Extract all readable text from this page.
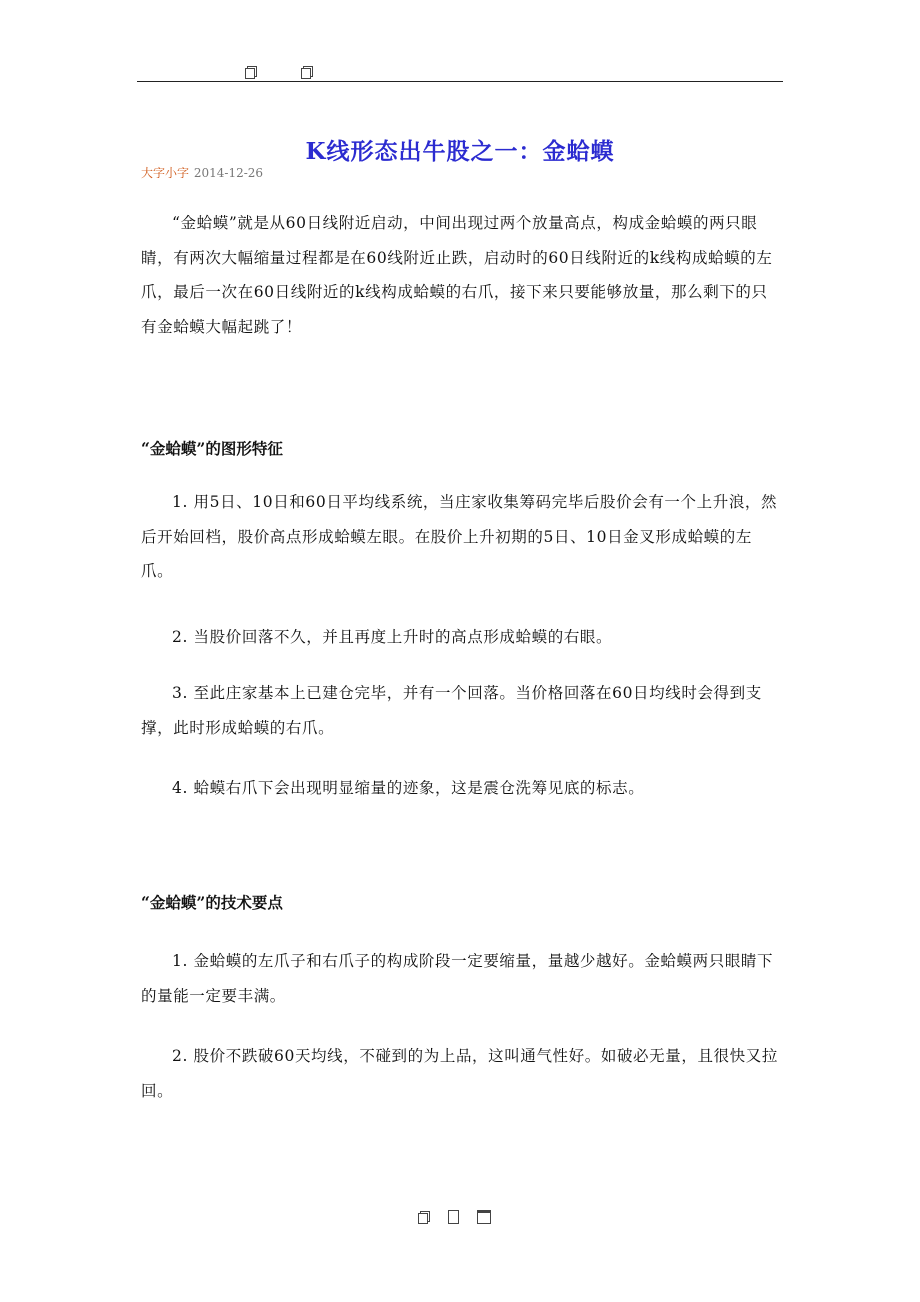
K线形态出牛股之一：金蛤蟆
大字小字 2014-12-26

“金蛤蟆”就是从60日线附近启动，中间出现过两个放量高点，构成金蛤蟆的两只眼睛，有两次大幅缩量过程都是在60线附近止跌，启动时的60日线附近的k线构成蛤蟆的左爪，最后一次在60日线附近的k线构成蛤蟆的右爪，接下来只要能够放量，那么剩下的只有金蛤蟆大幅起跳了！

“金蛤蟆”的图形特征

1. 用5日、10日和60日平均线系统，当庄家收集筹码完毕后股价会有一个上升浪，然后开始回档，股价高点形成蛤蟆左眼。在股价上升初期的5日、10日金叉形成蛤蟆的左爪。

2. 当股价回落不久，并且再度上升时的高点形成蛤蟆的右眼。

3. 至此庄家基本上已建仓完毕，并有一个回落。当价格回落在60日均线时会得到支撑，此时形成蛤蟆的右爪。

4. 蛤蟆右爪下会出现明显缩量的迹象，这是震仓洗筹见底的标志。

“金蛤蟆”的技术要点

1. 金蛤蟆的左爪子和右爪子的构成阶段一定要缩量，量越少越好。金蛤蟆两只眼睛下的量能一定要丰满。

2. 股价不跌破60天均线，不碰到的为上品，这叫通气性好。如破必无量，且很快又拉回。
